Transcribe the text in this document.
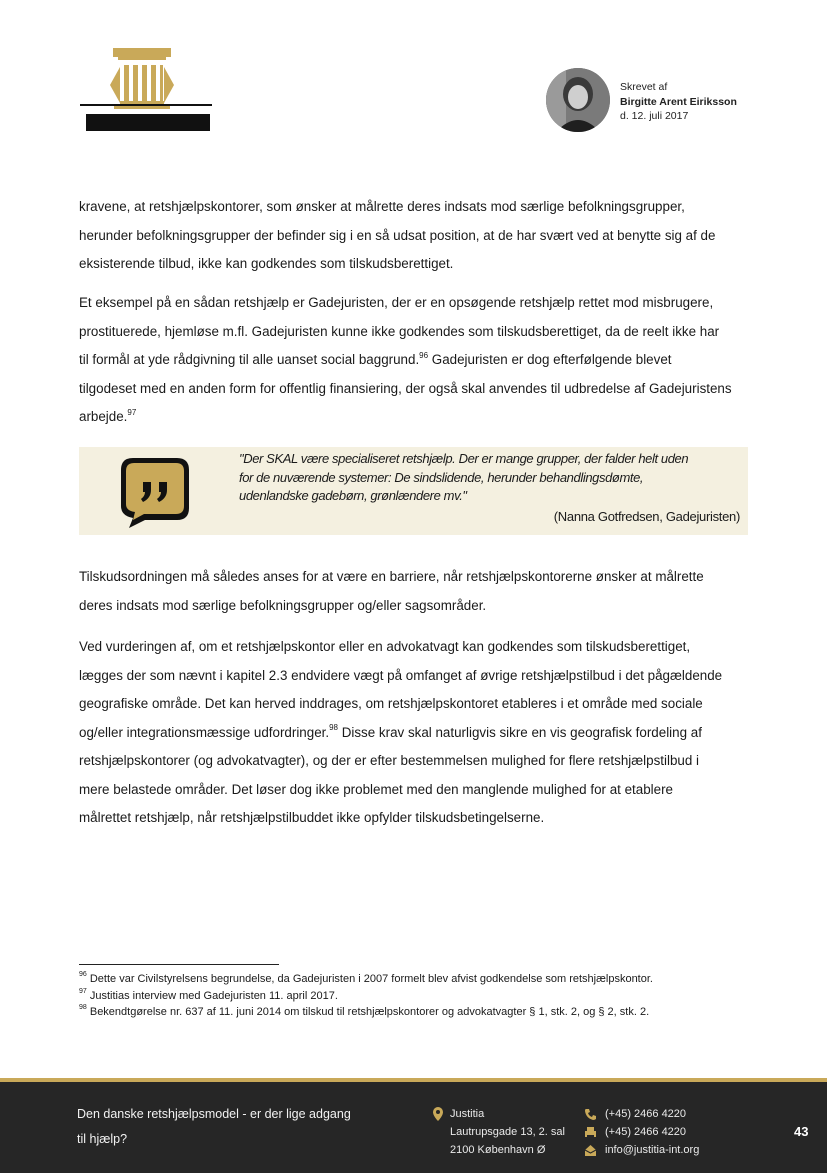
Skrevet af
Birgitte Arent Eiriksson
d. 12. juli 2017

kravene, at retshjælpskontorer, som ønsker at målrette deres indsats mod særlige befolkningsgrupper,

herunder befolkningsgrupper der befinder sig i en så udsat position, at de har svært ved at benytte sig af de

eksisterende tilbud, ikke kan godkendes som tilskudsberettiget.

Et eksempel på en sådan retshjælp er Gadejuristen, der er en opsøgende retshjælp rettet mod misbrugere,

prostituerede, hjemløse m.fl. Gadejuristen kunne ikke godkendes som tilskudsberettiget, da de reelt ikke har

til formål at yde rådgivning til alle uanset social baggrund.$^{96}$ Gadejuristen er dog efterfølgende blevet

tilgodeset med en anden form for offentlig finansiering, der også skal anvendes til udbredelse af Gadejuristens

arbejde.$^{97}$

"Der SKAL være specialiseret retshjælp. Der er mange grupper, der falder helt uden
for de nuværende systemer: De sindslidende, herunder behandlingsdømte,
udenlandske gadebørn, grønlændere mv."
(Nanna Gotfredsen, Gadejuristen)

Tilskudsordningen må således anses for at være en barriere, når retshjælpskontorerne ønsker at målrette

deres indsats mod særlige befolkningsgrupper og/eller sagsområder.

Ved vurderingen af, om et retshjælpskontor eller en advokatvagt kan godkendes som tilskudsberettiget,

lægges der som nævnt i kapitel 2.3 endvidere vægt på omfanget af øvrige retshjælpstilbud i det pågældende

geografiske område. Det kan herved inddrages, om retshjælpskontoret etableres i et område med sociale

og/eller integrationsmæssige udfordringer.$^{98}$ Disse krav skal naturligvis sikre en vis geografisk fordeling af

retshjælpskontorer (og advokatvagter), og der er efter bestemmelsen mulighed for flere retshjælpstilbud i

mere belastede områder. Det løser dog ikke problemet med den manglende mulighed for at etablere

målrettet retshjælp, når retshjælpstilbuddet ikke opfylder tilskudsbetingelserne.

$^{96}$ Dette var Civilstyrelsens begrundelse, da Gadejuristen i 2007 formelt blev afvist godkendelse som retshjælpskontor.
$^{97}$ Justitias interview med Gadejuristen 11. april 2017.
$^{98}$ Bekendtgørelse nr. 637 af 11. juni 2014 om tilskud til retshjælpskontorer og advokatvagter § 1, stk. 2, og § 2, stk. 2.
Den danske retshjælpsmodel - er der lige adgang
til hjælp?
Justitia
Lautrupsgade 13, 2. sal
2100 København Ø
(+45) 2466 4220
(+45) 2466 4220
info@justitia-int.org
43
